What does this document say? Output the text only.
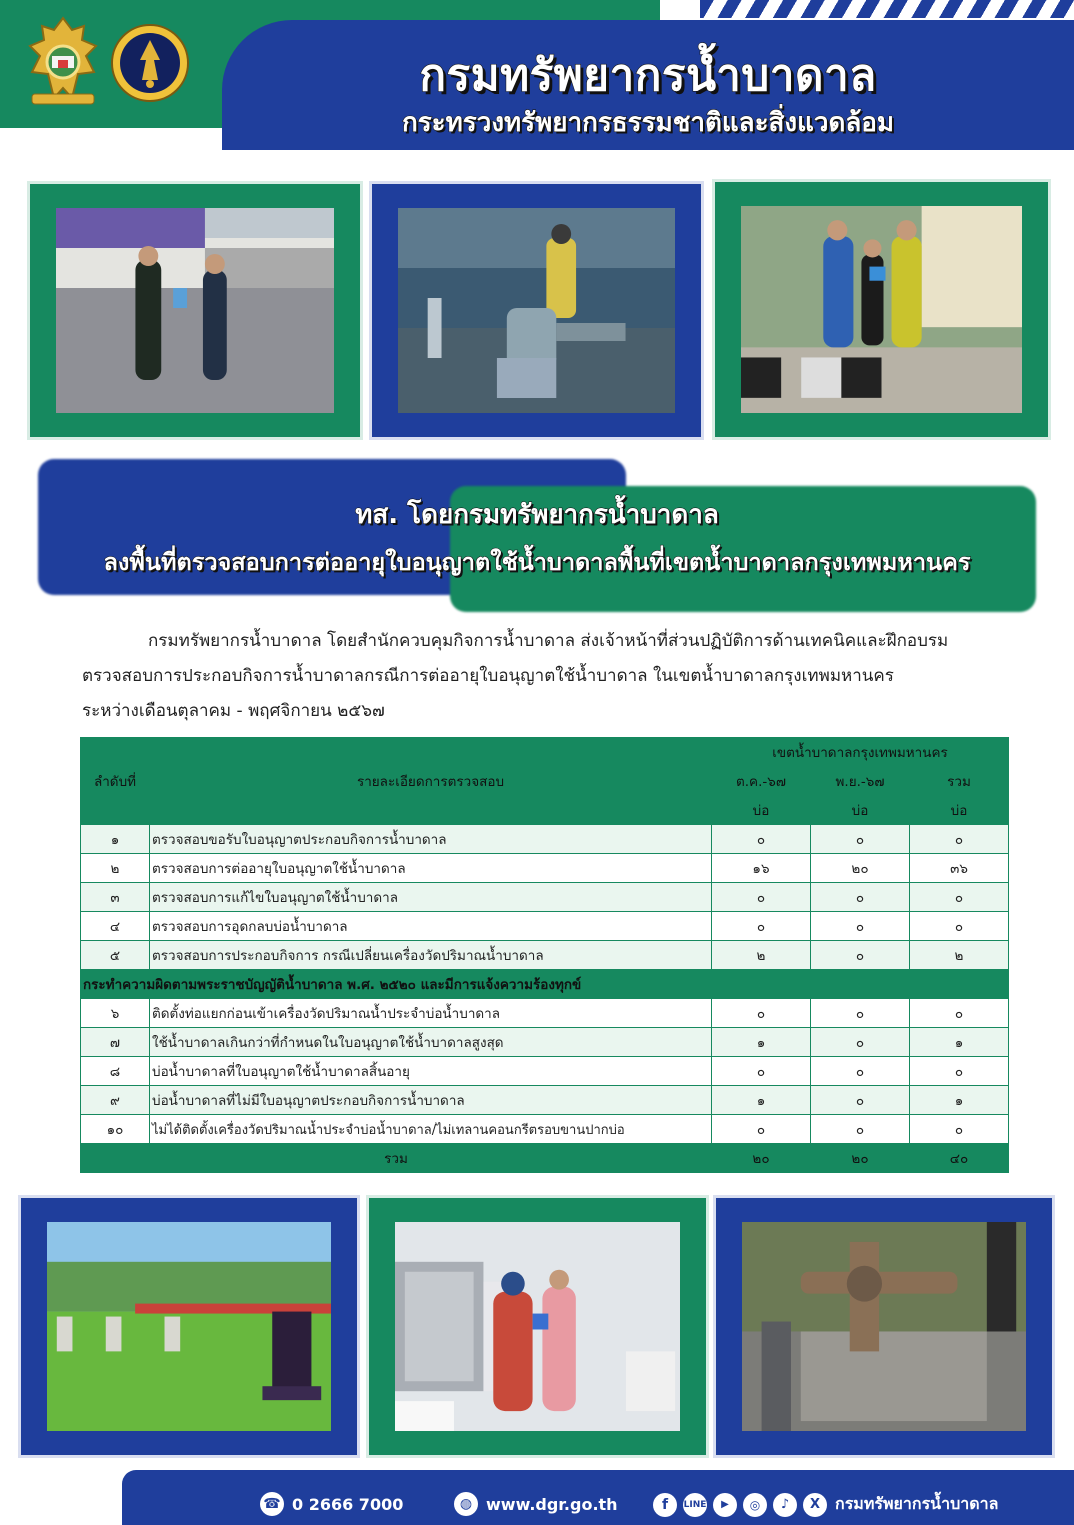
กรมทรัพยากรน้ำบาดาล
กระทรวงทรัพยากรธรรมชาติและสิ่งแวดล้อม
ทส. โดยกรมทรัพยากรน้ำบาดาล
ลงพื้นที่ตรวจสอบการต่ออายุใบอนุญาตใช้น้ำบาดาลพื้นที่เขตน้ำบาดาลกรุงเทพมหานคร

กรมทรัพยากรน้ำบาดาล โดยสำนักควบคุมกิจการน้ำบาดาล ส่งเจ้าหน้าที่ส่วนปฏิบัติการด้านเทคนิคและฝึกอบรม

ตรวจสอบการประกอบกิจการน้ำบาดาลกรณีการต่ออายุใบอนุญาตใช้น้ำบาดาล ในเขตน้ำบาดาลกรุงเทพมหานคร

ระหว่างเดือนตุลาคม - พฤศจิกายน ๒๕๖๗

ลำดับที่	รายละเอียดการตรวจสอบ	เขตน้ำบาดาลกรุงเทพมหานคร		
		ต.ค.-๖๗	พ.ย.-๖๗	รวม
		บ่อ	บ่อ	บ่อ
๑	ตรวจสอบขอรับใบอนุญาตประกอบกิจการน้ำบาดาล	๐	๐	๐
๒	ตรวจสอบการต่ออายุใบอนุญาตใช้น้ำบาดาล	๑๖	๒๐	๓๖
๓	ตรวจสอบการแก้ไขใบอนุญาตใช้น้ำบาดาล	๐	๐	๐
๔	ตรวจสอบการอุดกลบบ่อน้ำบาดาล	๐	๐	๐
๕	ตรวจสอบการประกอบกิจการ กรณีเปลี่ยนเครื่องวัดปริมาณน้ำบาดาล	๒	๐	๒
กระทำความผิดตามพระราชบัญญัติน้ำบาดาล พ.ศ. ๒๕๒๐ และมีการแจ้งความร้องทุกข์				
๖	ติดตั้งท่อแยกก่อนเข้าเครื่องวัดปริมาณน้ำประจำบ่อน้ำบาดาล	๐	๐	๐
๗	ใช้น้ำบาดาลเกินกว่าที่กำหนดในใบอนุญาตใช้น้ำบาดาลสูงสุด	๑	๐	๑
๘	บ่อน้ำบาดาลที่ใบอนุญาตใช้น้ำบาดาลสิ้นอายุ	๐	๐	๐
๙	บ่อน้ำบาดาลที่ไม่มีใบอนุญาตประกอบกิจการน้ำบาดาล	๑	๐	๑
๑๐	ไม่ได้ติดตั้งเครื่องวัดปริมาณน้ำประจำบ่อน้ำบาดาล/ไม่เทลานคอนกรีตรอบขานปากบ่อ	๐	๐	๐
รวม		๒๐	๒๐	๔๐
☎ 0 2666 7000	◍ www.dgr.go.th	f	LINE	▶	◎	♪	X กรมทรัพยากรน้ำบาดาล
